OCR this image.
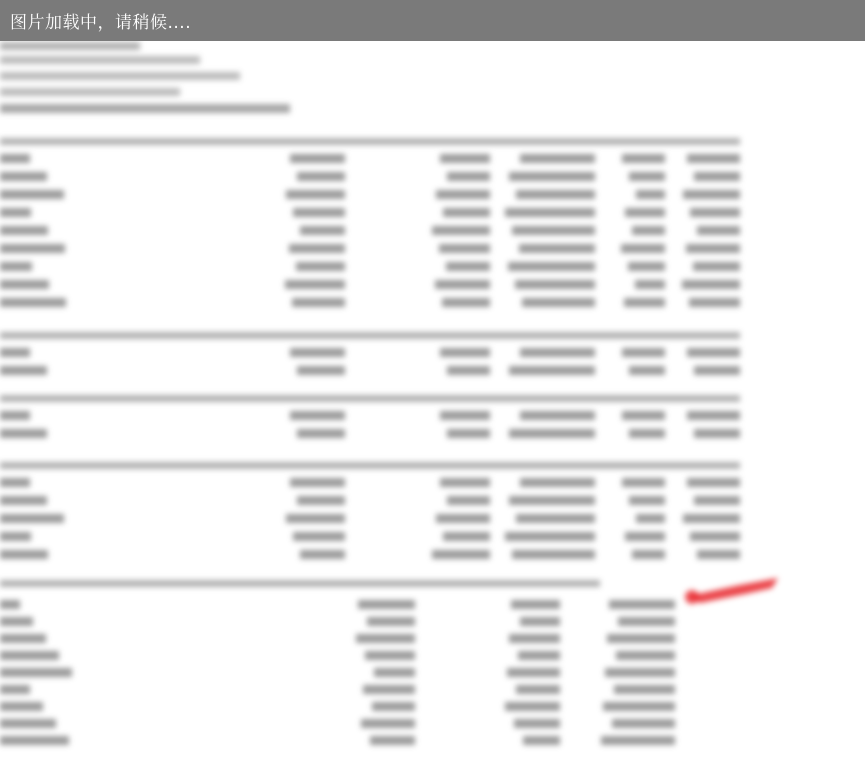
图片加载中，请稍候....
